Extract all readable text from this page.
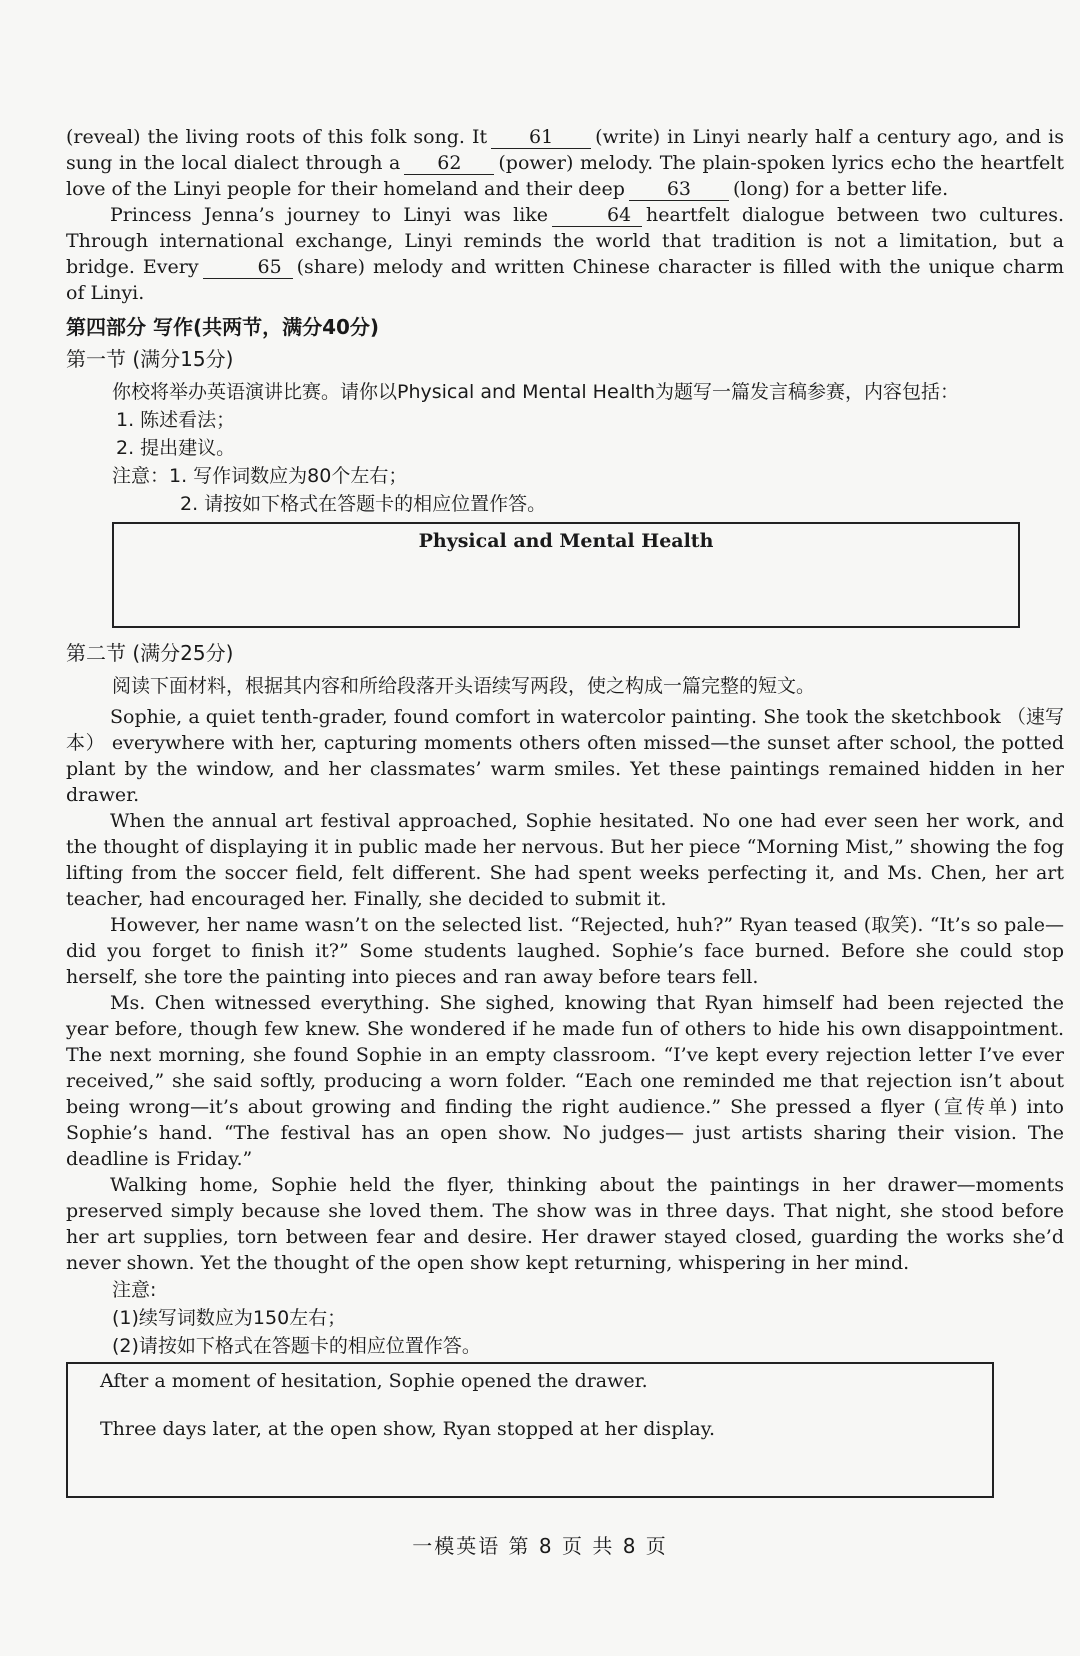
(reveal) the living roots of this folk song. It 61 (write) in Linyi nearly half a century ago, and is sung in the local dialect through a 62 (power) melody. The plain-spoken lyrics echo the heartfelt love of the Linyi people for their homeland and their deep 63 (long) for a better life.

Princess Jenna’s journey to Linyi was like	64 heartfelt dialogue between two cultures. Through international exchange, Linyi reminds the world that tradition is not a limitation, but a bridge. Every	65 (share) melody and written Chinese character is filled with the unique charm of Linyi.

第四部分 写作(共两节，满分40分)
第一节 (满分15分)
你校将举办英语演讲比赛。请你以Physical and Mental Health为题写一篇发言稿参赛，内容包括：
1. 陈述看法；
2. 提出建议。
注意：1. 写作词数应为80个左右；
2. 请按如下格式在答题卡的相应位置作答。
Physical and Mental Health
第二节 (满分25分)
阅读下面材料，根据其内容和所给段落开头语续写两段，使之构成一篇完整的短文。

Sophie, a quiet tenth-grader, found comfort in watercolor painting. She took the sketchbook （速写本） everywhere with her, capturing moments others often missed—the sunset after school, the potted plant by the window, and her classmates’ warm smiles. Yet these paintings remained hidden in her drawer.

When the annual art festival approached, Sophie hesitated. No one had ever seen her work, and the thought of displaying it in public made her nervous. But her piece “Morning Mist,” showing the fog lifting from the soccer field, felt different. She had spent weeks perfecting it, and Ms. Chen, her art teacher, had encouraged her. Finally, she decided to submit it.

However, her name wasn’t on the selected list. “Rejected, huh?” Ryan teased (取笑). “It’s so pale—did you forget to finish it?” Some students laughed. Sophie’s face burned. Before she could stop herself, she tore the painting into pieces and ran away before tears fell.

Ms. Chen witnessed everything. She sighed, knowing that Ryan himself had been rejected the year before, though few knew. She wondered if he made fun of others to hide his own disappointment. The next morning, she found Sophie in an empty classroom. “I’ve kept every rejection letter I’ve ever received,” she said softly, producing a worn folder. “Each one reminded me that rejection isn’t about being wrong—it’s about growing and finding the right audience.” She pressed a flyer (宣传单) into Sophie’s hand. “The festival has an open show. No judges— just artists sharing their vision. The deadline is Friday.”

Walking home, Sophie held the flyer, thinking about the paintings in her drawer—moments preserved simply because she loved them. The show was in three days. That night, she stood before her art supplies, torn between fear and desire. Her drawer stayed closed, guarding the works she’d never shown. Yet the thought of the open show kept returning, whispering in her mind.

注意:
(1)续写词数应为150左右；
(2)请按如下格式在答题卡的相应位置作答。

After a moment of hesitation, Sophie opened the drawer.

Three days later, at the open show, Ryan stopped at her display.

一模英语 第 8 页 共 8 页
